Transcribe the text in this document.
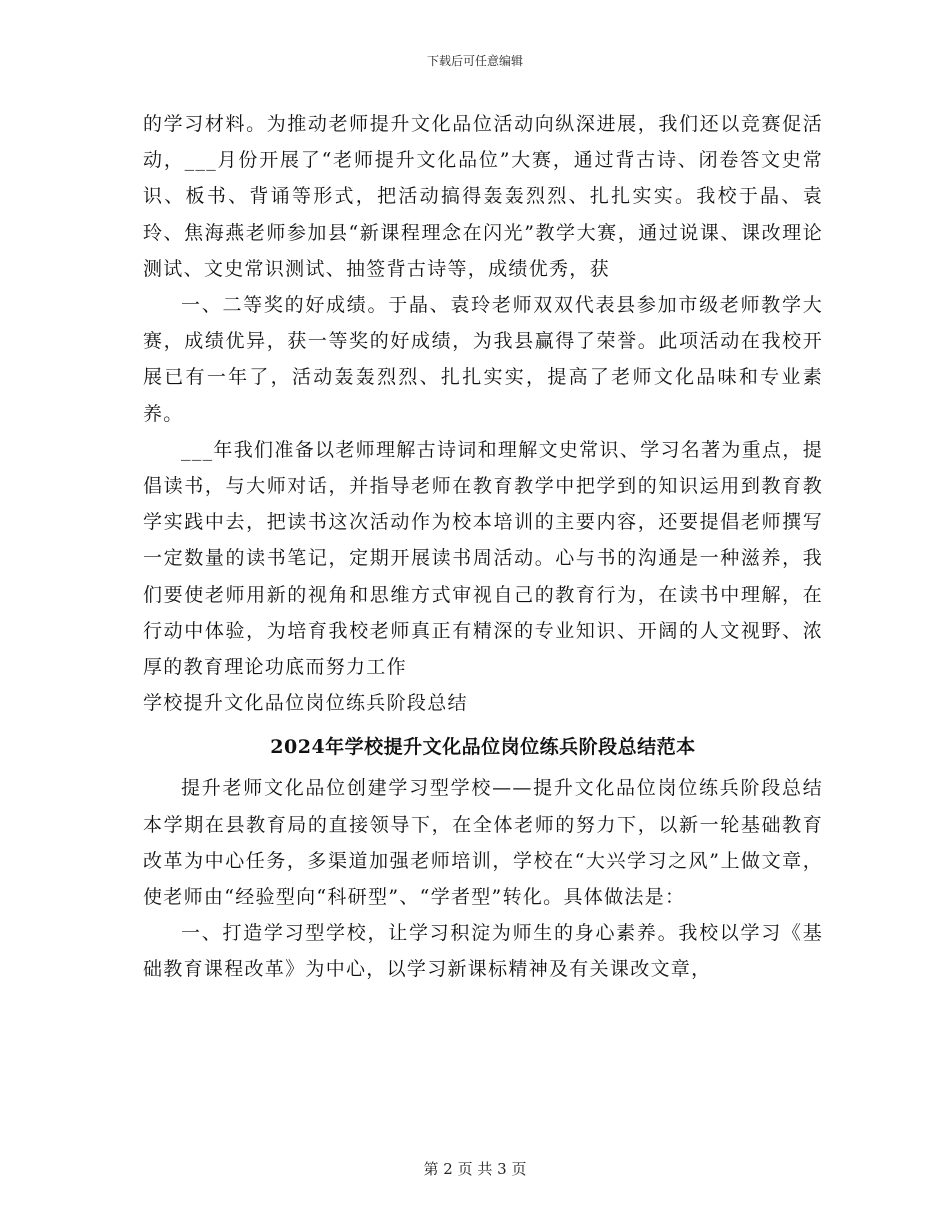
下载后可任意编辑

的学习材料。为推动老师提升文化品位活动向纵深进展，我们还以竞赛促活动，___月份开展了“老师提升文化品位”大赛，通过背古诗、闭卷答文史常识、板书、背诵等形式，把活动搞得轰轰烈烈、扎扎实实。我校于晶、袁玲、焦海燕老师参加县“新课程理念在闪光”教学大赛，通过说课、课改理论测试、文史常识测试、抽签背古诗等，成绩优秀，获

一、二等奖的好成绩。于晶、袁玲老师双双代表县参加市级老师教学大赛，成绩优异，获一等奖的好成绩，为我县赢得了荣誉。此项活动在我校开展已有一年了，活动轰轰烈烈、扎扎实实，提高了老师文化品味和专业素养。

___年我们准备以老师理解古诗词和理解文史常识、学习名著为重点，提倡读书，与大师对话，并指导老师在教育教学中把学到的知识运用到教育教学实践中去，把读书这次活动作为校本培训的主要内容，还要提倡老师撰写一定数量的读书笔记，定期开展读书周活动。心与书的沟通是一种滋养，我们要使老师用新的视角和思维方式审视自己的教育行为，在读书中理解，在行动中体验，为培育我校老师真正有精深的专业知识、开阔的人文视野、浓厚的教育理论功底而努力工作

学校提升文化品位岗位练兵阶段总结

2024年学校提升文化品位岗位练兵阶段总结范本

提升老师文化品位创建学习型学校——提升文化品位岗位练兵阶段总结本学期在县教育局的直接领导下，在全体老师的努力下，以新一轮基础教育改革为中心任务，多渠道加强老师培训，学校在“大兴学习之风”上做文章，使老师由“经验型向“科研型”、“学者型”转化。具体做法是：

一、打造学习型学校，让学习积淀为师生的身心素养。我校以学习《基础教育课程改革》为中心，以学习新课标精神及有关课改文章，

第 2 页 共 3 页
